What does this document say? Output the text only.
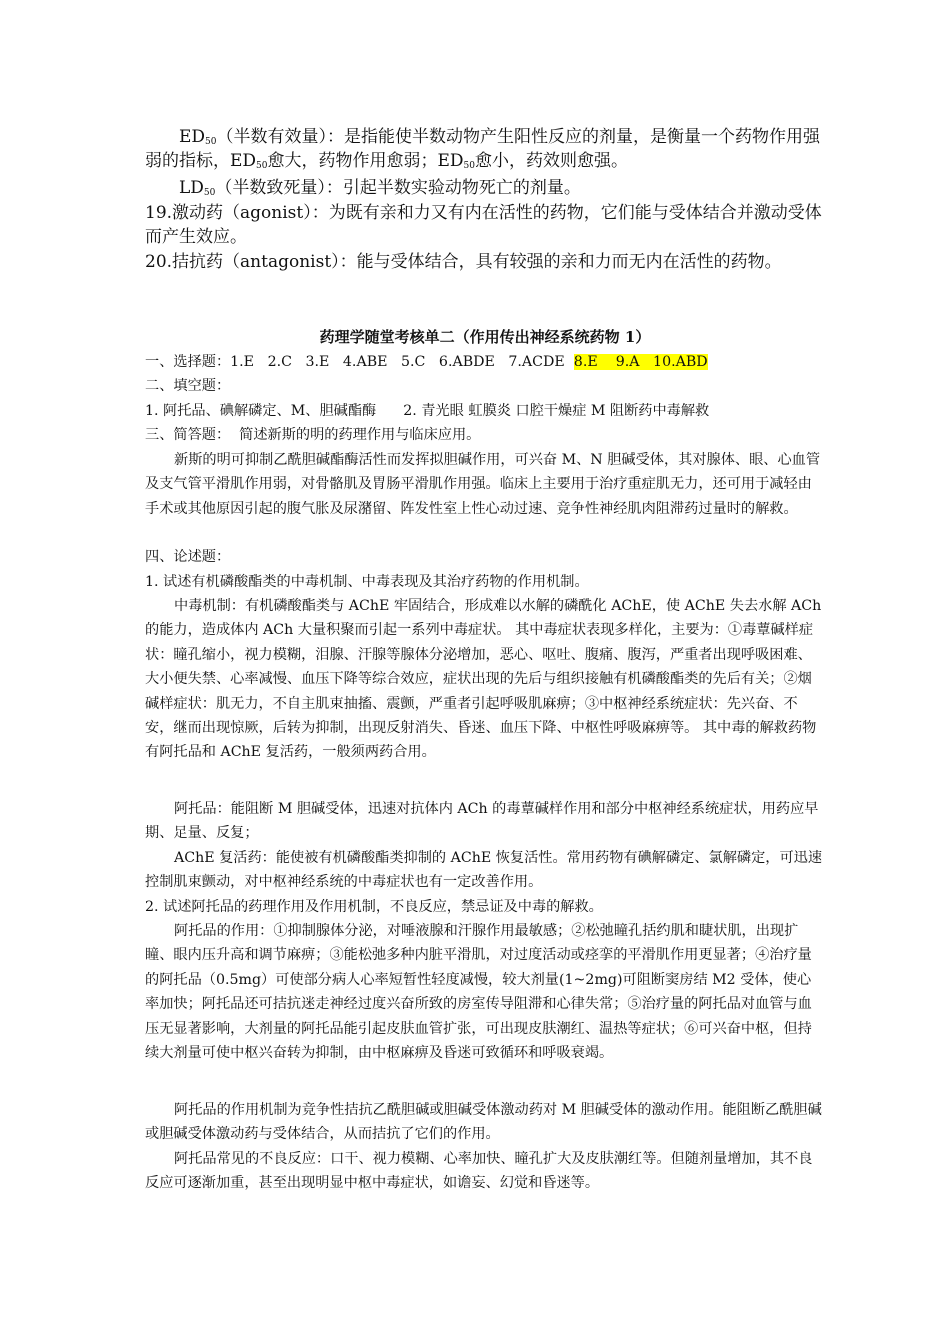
$ED_{50}$（半数有效量）：是指能使半数动物产生阳性反应的剂量，是衡量一个药物作用强弱的指标，$ED_{50}$愈大，药物作用愈弱；$ED_{50}$愈小，药效则愈强。

$LD_{50}$（半数致死量）：引起半数实验动物死亡的剂量。

19.激动药（agonist）：为既有亲和力又有内在活性的药物，它们能与受体结合并激动受体而产生效应。

20.拮抗药（antagonist）：能与受体结合，具有较强的亲和力而无内在活性的药物。

药理学随堂考核单二（作用传出神经系统药物 1）

一、选择题：1.E   2.C   3.E   4.ABE   5.C   6.ABDE   7.ACDE 8.E    9.A   10.ABD

二、填空题：

1. 阿托品、碘解磷定、M、胆碱酯酶      2. 青光眼 虹膜炎 口腔干燥症 M 阻断药中毒解救

三、简答题：  简述新斯的明的药理作用与临床应用。

新斯的明可抑制乙酰胆碱酯酶活性而发挥拟胆碱作用，可兴奋 M、N 胆碱受体，其对腺体、眼、心血管及支气管平滑肌作用弱，对骨骼肌及胃肠平滑肌作用强。临床上主要用于治疗重症肌无力，还可用于减轻由手术或其他原因引起的腹气胀及尿潴留、阵发性室上性心动过速、竞争性神经肌肉阻滞药过量时的解救。

四、论述题：

1. 试述有机磷酸酯类的中毒机制、中毒表现及其治疗药物的作用机制。

中毒机制：有机磷酸酯类与 AChE 牢固结合，形成难以水解的磷酰化 AChE，使 AChE 失去水解 ACh 的能力，造成体内 ACh 大量积聚而引起一系列中毒症状。 其中毒症状表现多样化，主要为：①毒蕈碱样症状：瞳孔缩小，视力模糊，泪腺、汗腺等腺体分泌增加，恶心、呕吐、腹痛、腹泻，严重者出现呼吸困难、大小便失禁、心率减慢、血压下降等综合效应，症状出现的先后与组织接触有机磷酸酯类的先后有关；②烟碱样症状：肌无力，不自主肌束抽搐、震颤，严重者引起呼吸肌麻痹；③中枢神经系统症状：先兴奋、不安，继而出现惊厥，后转为抑制，出现反射消失、昏迷、血压下降、中枢性呼吸麻痹等。 其中毒的解救药物有阿托品和 AChE 复活药，一般须两药合用。

阿托品：能阻断 M 胆碱受体，迅速对抗体内 ACh 的毒蕈碱样作用和部分中枢神经系统症状，用药应早期、足量、反复；

AChE 复活药：能使被有机磷酸酯类抑制的 AChE 恢复活性。常用药物有碘解磷定、氯解磷定，可迅速控制肌束颤动，对中枢神经系统的中毒症状也有一定改善作用。

2. 试述阿托品的药理作用及作用机制，不良反应，禁忌证及中毒的解救。

阿托品的作用：①抑制腺体分泌，对唾液腺和汗腺作用最敏感；②松弛瞳孔括约肌和睫状肌，出现扩瞳、眼内压升高和调节麻痹；③能松弛多种内脏平滑肌，对过度活动或痉挛的平滑肌作用更显著；④治疗量的阿托品（0.5mg）可使部分病人心率短暂性轻度减慢，较大剂量(1~2mg)可阻断窦房结 M2 受体，使心率加快；阿托品还可拮抗迷走神经过度兴奋所致的房室传导阻滞和心律失常；⑤治疗量的阿托品对血管与血压无显著影响，大剂量的阿托品能引起皮肤血管扩张，可出现皮肤潮红、温热等症状；⑥可兴奋中枢，但持续大剂量可使中枢兴奋转为抑制，由中枢麻痹及昏迷可致循环和呼吸衰竭。

阿托品的作用机制为竞争性拮抗乙酰胆碱或胆碱受体激动药对 M 胆碱受体的激动作用。能阻断乙酰胆碱或胆碱受体激动药与受体结合，从而拮抗了它们的作用。

阿托品常见的不良反应：口干、视力模糊、心率加快、瞳孔扩大及皮肤潮红等。但随剂量增加，其不良反应可逐渐加重，甚至出现明显中枢中毒症状，如谵妄、幻觉和昏迷等。
